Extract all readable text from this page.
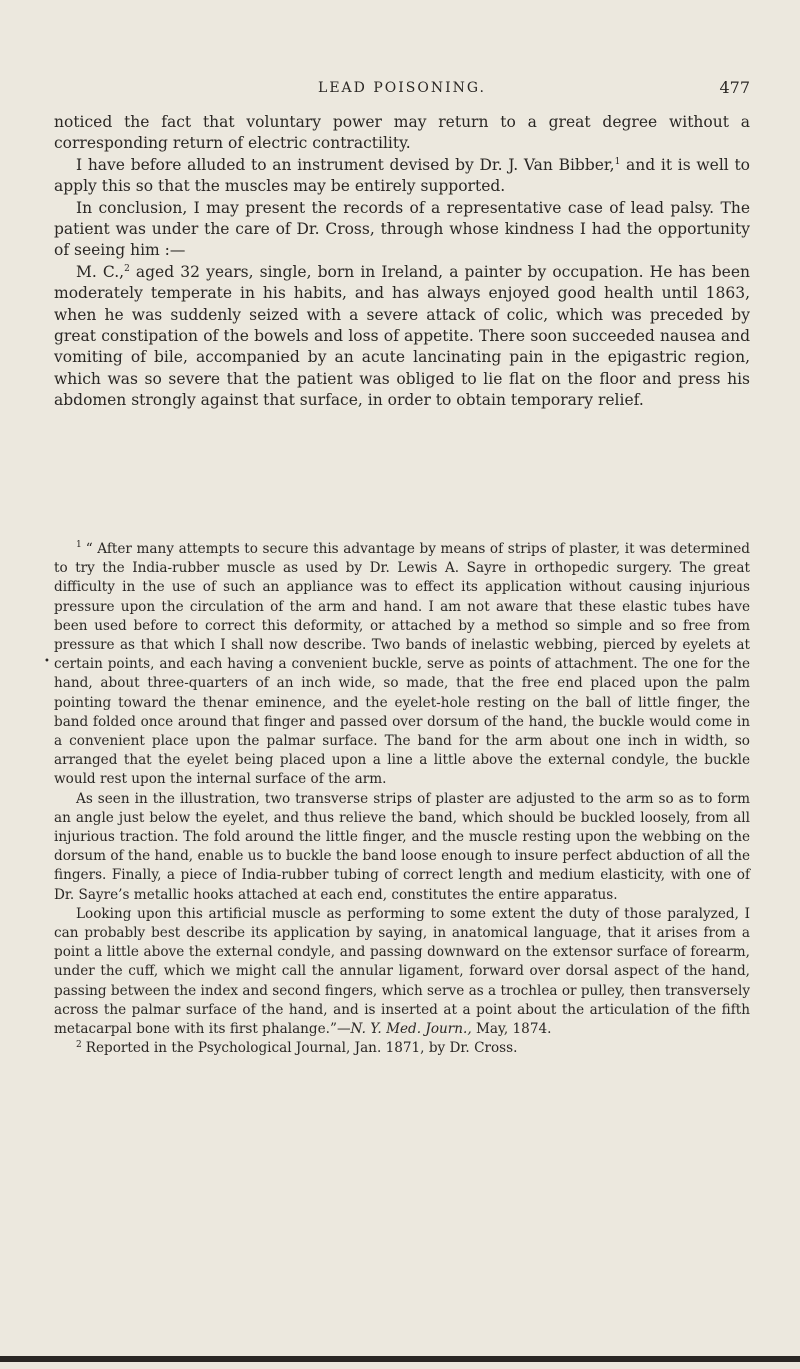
LEAD POISONING.	477

noticed the fact that voluntary power may return to a great degree without a corresponding return of electric contractility.

I have before alluded to an instrument devised by Dr. J. Van Bibber,$^1$ and it is well to apply this so that the muscles may be entirely supported.

In conclusion, I may present the records of a representative case of lead palsy. The patient was under the care of Dr. Cross, through whose kindness I had the opportunity of seeing him :—

M. C.,$^2$ aged 32 years, single, born in Ireland, a painter by occupation. He has been moderately temperate in his habits, and has always enjoyed good health until 1863, when he was suddenly seized with a severe attack of colic, which was preceded by great constipation of the bowels and loss of appetite. There soon succeeded nausea and vomiting of bile, accompanied by an acute lancinating pain in the epigastric region, which was so severe that the patient was obliged to lie flat on the floor and press his abdomen strongly against that surface, in order to obtain temporary relief.

•

$^1$ “ After many attempts to secure this advantage by means of strips of plaster, it was determined to try the India-rubber muscle as used by Dr. Lewis A. Sayre in orthopedic surgery. The great difficulty in the use of such an appliance was to effect its application without causing injurious pressure upon the circulation of the arm and hand. I am not aware that these elastic tubes have been used before to correct this deformity, or attached by a method so simple and so free from pressure as that which I shall now describe. Two bands of inelastic webbing, pierced by eyelets at certain points, and each having a convenient buckle, serve as points of attachment. The one for the hand, about three-quarters of an inch wide, so made, that the free end placed upon the palm pointing toward the thenar eminence, and the eyelet-hole resting on the ball of little finger, the band folded once around that finger and passed over dorsum of the hand, the buckle would come in a convenient place upon the palmar surface. The band for the arm about one inch in width, so arranged that the eyelet being placed upon a line a little above the external condyle, the buckle would rest upon the internal surface of the arm.

As seen in the illustration, two transverse strips of plaster are adjusted to the arm so as to form an angle just below the eyelet, and thus relieve the band, which should be buckled loosely, from all injurious traction. The fold around the little finger, and the muscle resting upon the webbing on the dorsum of the hand, enable us to buckle the band loose enough to insure perfect abduction of all the fingers. Finally, a piece of India-rubber tubing of correct length and medium elasticity, with one of Dr. Sayre’s metallic hooks attached at each end, constitutes the entire apparatus.

Looking upon this artificial muscle as performing to some extent the duty of those paralyzed, I can probably best describe its application by saying, in anatomical language, that it arises from a point a little above the external condyle, and passing downward on the extensor surface of forearm, under the cuff, which we might call the annular ligament, forward over dorsal aspect of the hand, passing between the index and second fingers, which serve as a trochlea or pulley, then transversely across the palmar surface of the hand, and is inserted at a point about the articulation of the fifth metacarpal bone with its first phalange.”—N. Y. Med. Journ., May, 1874.

$^2$ Reported in the Psychological Journal, Jan. 1871, by Dr. Cross.
